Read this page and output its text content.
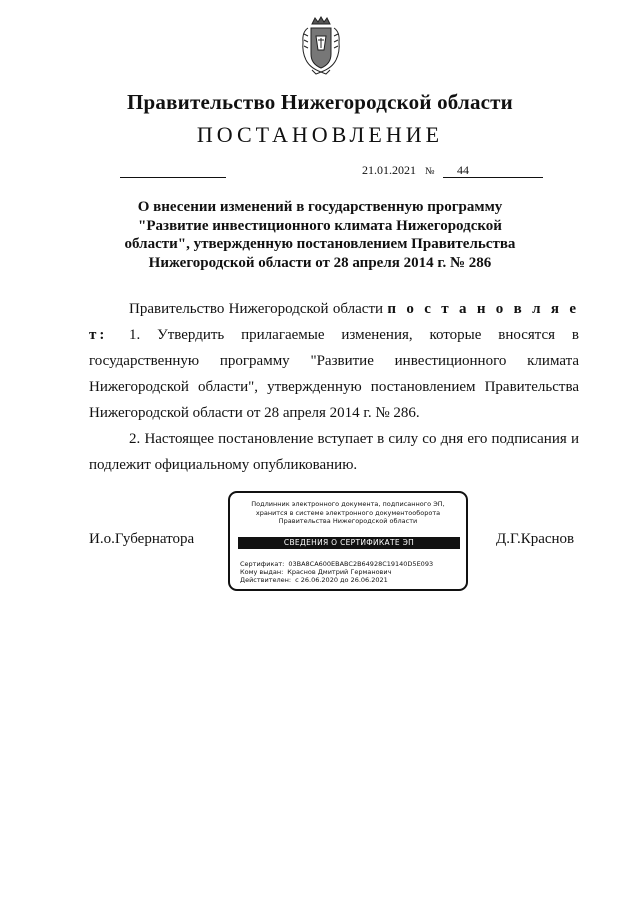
Правительство Нижегородской области
ПОСТАНОВЛЕНИЕ
21.01.2021 №	44
О внесении изменений в государственную программу
"Развитие инвестиционного климата Нижегородской
области", утвержденную постановлением Правительства
Нижегородской области от 28 апреля 2014 г. № 286
Правительство Нижегородской области п о с т а н о в л я е т:	1. Утвердить прилагаемые изменения, которые вносятся в государственную программу "Развитие инвестиционного климата Нижегородской области", утвержденную постановлением Правительства Нижегородской области от 28 апреля 2014 г. № 286.
2. Настоящее постановление вступает в силу со дня его подписания и подлежит официальному опубликованию.
И.о.Губернатора	Д.Г.Краснов
Подлинник электронного документа, подписанного ЭП,
хранится в системе электронного документооборота
Правительства Нижегородской области
СВЕДЕНИЯ О СЕРТИФИКАТЕ ЭП
Сертификат: 03BA8CA600EBABC2B64928C19140D5E093
Кому выдан: Краснов Дмитрий Германович
Действителен: с 26.06.2020 до 26.06.2021
